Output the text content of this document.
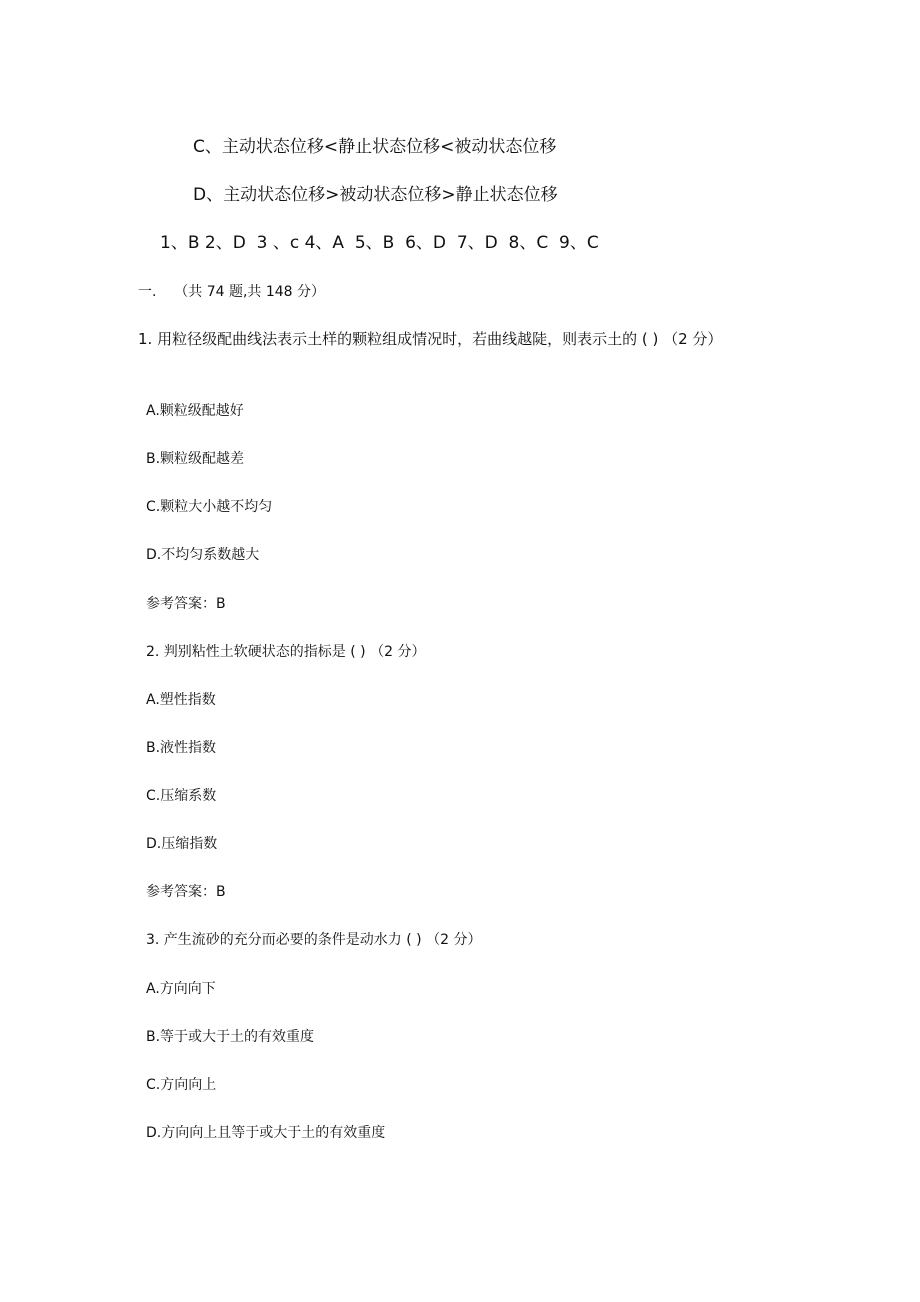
C、主动状态位移<静止状态位移<被动状态位移
D、主动状态位移>被动状态位移>静止状态位移
1、B 2、D  3 、c 4、A  5、B  6、D  7、D  8、C  9、C
一.    （共 74 题,共 148 分）
1. 用粒径级配曲线法表示土样的颗粒组成情况时，若曲线越陡，则表示土的 ( ) （2 分）
A.颗粒级配越好
B.颗粒级配越差
C.颗粒大小越不均匀
D.不均匀系数越大
参考答案：B
2. 判别粘性土软硬状态的指标是 ( ) （2 分）
A.塑性指数
B.液性指数
C.压缩系数
D.压缩指数
参考答案：B
3. 产生流砂的充分而必要的条件是动水力 ( ) （2 分）
A.方向向下
B.等于或大于土的有效重度
C.方向向上
D.方向向上且等于或大于土的有效重度
